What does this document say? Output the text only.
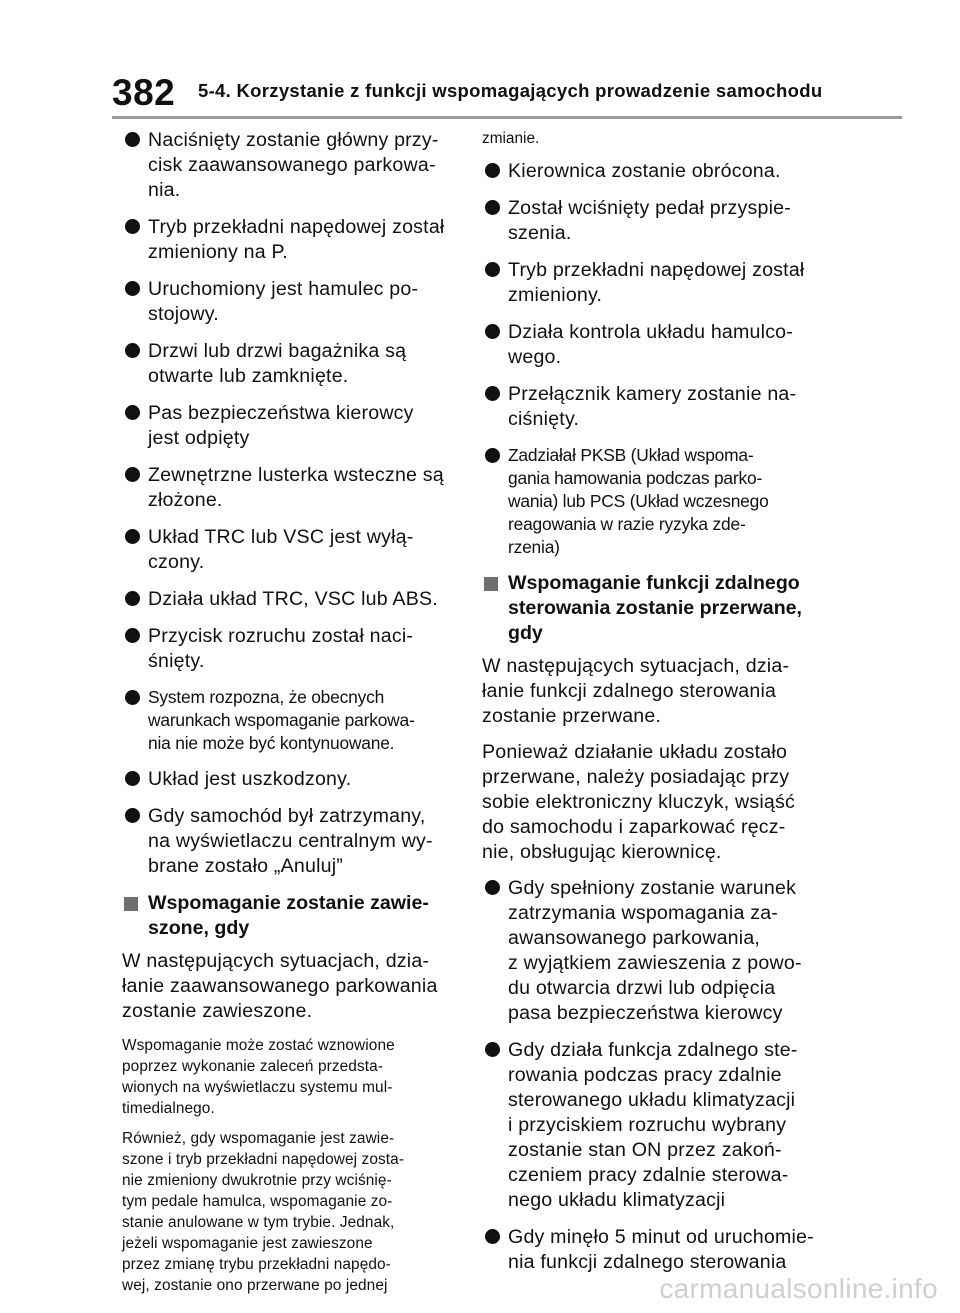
382 5-4. Korzystanie z funkcji wspomagających prowadzenie samochodu
Naciśnięty zostanie główny przy-
cisk zaawansowanego parkowa-
nia.
Tryb przekładni napędowej został
zmieniony na P.
Uruchomiony jest hamulec po-
stojowy.
Drzwi lub drzwi bagażnika są
otwarte lub zamknięte.
Pas bezpieczeństwa kierowcy
jest odpięty
Zewnętrzne lusterka wsteczne są
złożone.
Układ TRC lub VSC jest wyłą-
czony.
Działa układ TRC, VSC lub ABS.
Przycisk rozruchu został naci-
śnięty.
System rozpozna, że obecnych
warunkach wspomaganie parkowa-
nia nie może być kontynuowane.
Układ jest uszkodzony.
Gdy samochód był zatrzymany,
na wyświetlaczu centralnym wy-
brane zostało „Anuluj”
Wspomaganie zostanie zawie-
szone, gdy
W następujących sytuacjach, dzia-
łanie zaawansowanego parkowania
zostanie zawieszone.
Wspomaganie może zostać wznowione
poprzez wykonanie zaleceń przedsta-
wionych na wyświetlaczu systemu mul-
timedialnego.
Również, gdy wspomaganie jest zawie-
szone i tryb przekładni napędowej zosta-
nie zmieniony dwukrotnie przy wciśnię-
tym pedale hamulca, wspomaganie zo-
stanie anulowane w tym trybie. Jednak,
jeżeli wspomaganie jest zawieszone
przez zmianę trybu przekładni napędo-
wej, zostanie ono przerwane po jednej
zmianie.
Kierownica zostanie obrócona.
Został wciśnięty pedał przyspie-
szenia.
Tryb przekładni napędowej został
zmieniony.
Działa kontrola układu hamulco-
wego.
Przełącznik kamery zostanie na-
ciśnięty.
Zadziałał PKSB (Układ wspoma-
gania hamowania podczas parko-
wania) lub PCS (Układ wczesnego
reagowania w razie ryzyka zde-
rzenia)
Wspomaganie funkcji zdalnego
sterowania zostanie przerwane,
gdy
W następujących sytuacjach, dzia-
łanie funkcji zdalnego sterowania
zostanie przerwane.
Ponieważ działanie układu zostało
przerwane, należy posiadając przy
sobie elektroniczny kluczyk, wsiąść
do samochodu i zaparkować ręcz-
nie, obsługując kierownicę.
Gdy spełniony zostanie warunek
zatrzymania wspomagania za-
awansowanego parkowania,
z wyjątkiem zawieszenia z powo-
du otwarcia drzwi lub odpięcia
pasa bezpieczeństwa kierowcy
Gdy działa funkcja zdalnego ste-
rowania podczas pracy zdalnie
sterowanego układu klimatyzacji
i przyciskiem rozruchu wybrany
zostanie stan ON przez zakoń-
czeniem pracy zdalnie sterowa-
nego układu klimatyzacji
Gdy minęło 5 minut od uruchomie-
nia funkcji zdalnego sterowania
carmanualsonline.info
